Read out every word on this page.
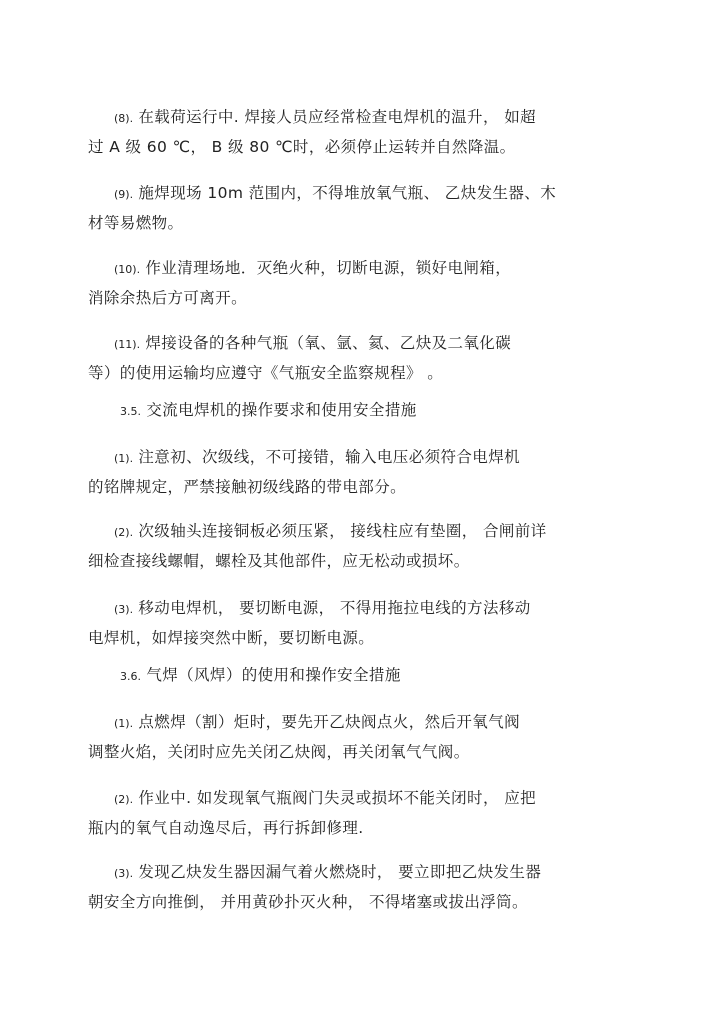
(8). 在载荷运行中. 焊接人员应经常检查电焊机的温升， 如超
过 A 级 60 ℃， B 级 80 ℃时，必须停止运转并自然降温。
(9). 施焊现场 10m 范围内，不得堆放氧气瓶、 乙炔发生器、木
材等易燃物。
(10). 作业清理场地．灭绝火种，切断电源，锁好电闸箱，
消除余热后方可离开。
(11). 焊接设备的各种气瓶（氧、氩、氦、乙炔及二氧化碳
等）的使用运输均应遵守《气瓶安全监察规程》 。
3.5. 交流电焊机的操作要求和使用安全措施
(1). 注意初、次级线，不可接错，输入电压必须符合电焊机
的铭牌规定，严禁接触初级线路的带电部分。
(2). 次级轴头连接铜板必须压紧， 接线柱应有垫圈， 合闸前详
细检查接线螺帽，螺栓及其他部件，应无松动或损坏。
(3). 移动电焊机， 要切断电源， 不得用拖拉电线的方法移动
电焊机，如焊接突然中断，要切断电源。
3.6. 气焊（风焊）的使用和操作安全措施
(1). 点燃焊（割）炬时，要先开乙炔阀点火，然后开氧气阀
调整火焰，关闭时应先关闭乙炔阀，再关闭氧气气阀。
(2). 作业中. 如发现氧气瓶阀门失灵或损坏不能关闭时， 应把
瓶内的氧气自动逸尽后，再行拆卸修理.
(3). 发现乙炔发生器因漏气着火燃烧时， 要立即把乙炔发生器
朝安全方向推倒， 并用黄砂扑灭火种， 不得堵塞或拔出浮筒。
